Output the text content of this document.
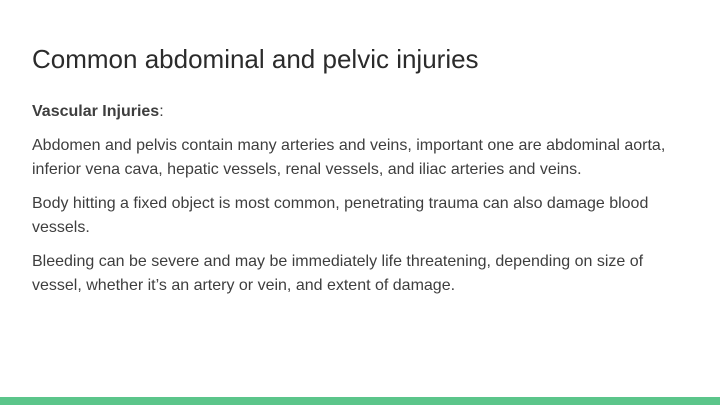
Common abdominal and pelvic injuries

Vascular Injuries:

Abdomen and pelvis contain many arteries and veins, important one are abdominal aorta, inferior vena cava, hepatic vessels, renal vessels, and iliac arteries and veins.

Body hitting a fixed object is most common, penetrating trauma can also damage blood vessels.

Bleeding can be severe and may be immediately life threatening, depending on size of vessel, whether it’s an artery or vein, and extent of damage.
